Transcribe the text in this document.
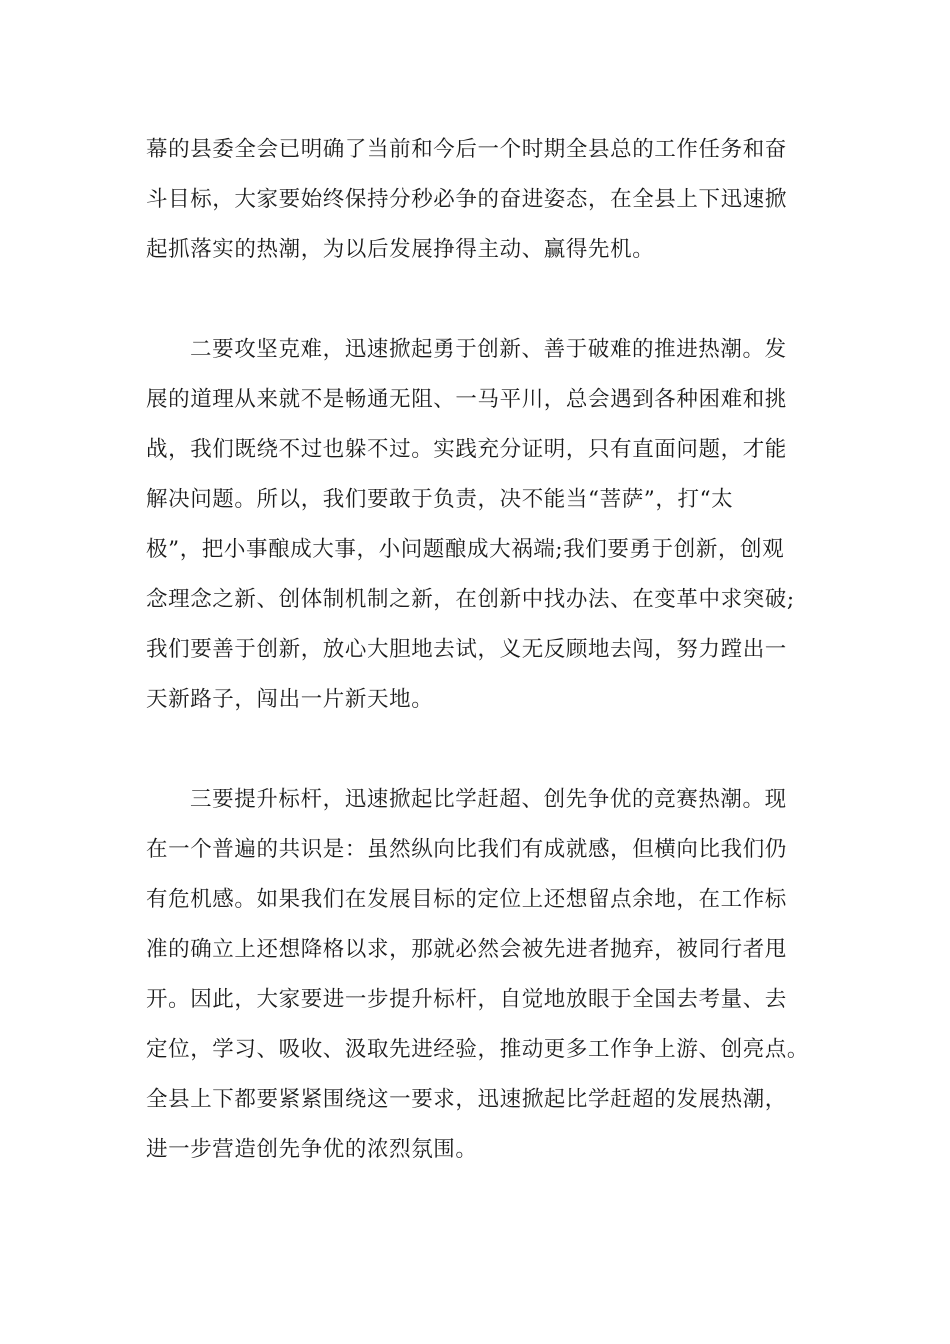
幕的县委全会已明确了当前和今后一个时期全县总的工作任务和奋
斗目标，大家要始终保持分秒必争的奋进姿态，在全县上下迅速掀
起抓落实的热潮，为以后发展挣得主动、赢得先机。
二要攻坚克难，迅速掀起勇于创新、善于破难的推进热潮。发
展的道理从来就不是畅通无阻、一马平川，总会遇到各种困难和挑
战，我们既绕不过也躲不过。实践充分证明，只有直面问题，才能
解决问题。所以，我们要敢于负责，决不能当“菩萨”，打“太
极”，把小事酿成大事，小问题酿成大祸端;我们要勇于创新，创观
念理念之新、创体制机制之新，在创新中找办法、在变革中求突破;
我们要善于创新，放心大胆地去试，义无反顾地去闯，努力蹚出一
天新路子，闯出一片新天地。
三要提升标杆，迅速掀起比学赶超、创先争优的竞赛热潮。现
在一个普遍的共识是：虽然纵向比我们有成就感，但横向比我们仍
有危机感。如果我们在发展目标的定位上还想留点余地，在工作标
准的确立上还想降格以求，那就必然会被先进者抛弃，被同行者甩
开。因此，大家要进一步提升标杆，自觉地放眼于全国去考量、去
定位，学习、吸收、汲取先进经验，推动更多工作争上游、创亮点。
全县上下都要紧紧围绕这一要求，迅速掀起比学赶超的发展热潮，
进一步营造创先争优的浓烈氛围。
